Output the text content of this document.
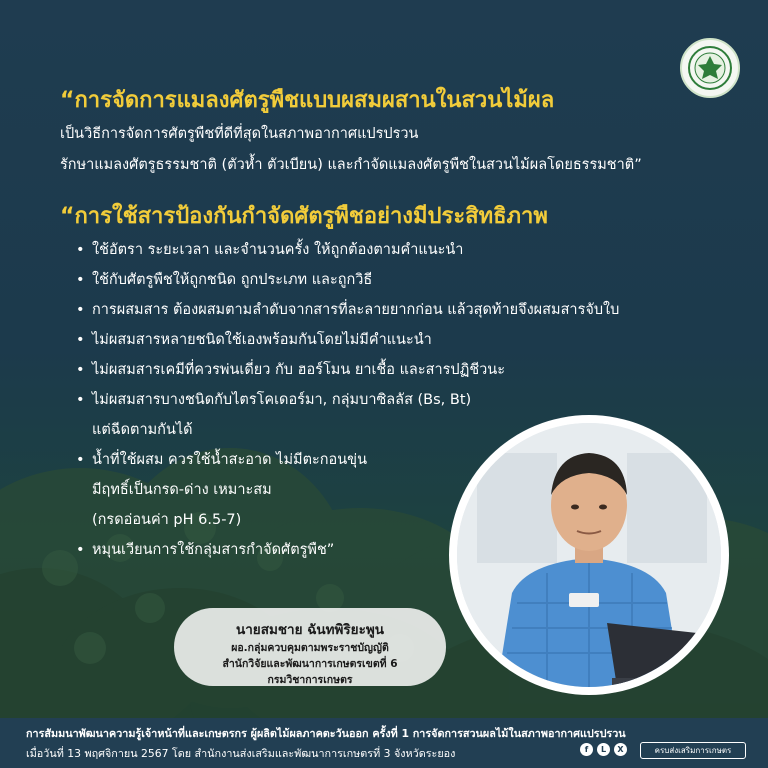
“การจัดการแมลงศัตรูพืชแบบผสมผสานในสวนไม้ผล
เป็นวิธีการจัดการศัตรูพืชที่ดีที่สุดในสภาพอากาศแปรปรวน
รักษาแมลงศัตรูธรรมชาติ (ตัวห้ำ ตัวเบียน) และกำจัดแมลงศัตรูพืชในสวนไม้ผลโดยธรรมชาติ”
“การใช้สารป้องกันกำจัดศัตรูพืชอย่างมีประสิทธิภาพ
• ใช้อัตรา ระยะเวลา และจำนวนครั้ง ให้ถูกต้องตามคำแนะนำ
• ใช้กับศัตรูพืชให้ถูกชนิด ถูกประเภท และถูกวิธี
• การผสมสาร ต้องผสมตามลำดับจากสารที่ละลายยากก่อน แล้วสุดท้ายจึงผสมสารจับใบ
• ไม่ผสมสารหลายชนิดใช้เองพร้อมกันโดยไม่มีคำแนะนำ
• ไม่ผสมสารเคมีที่ควรพ่นเดี่ยว กับ ฮอร์โมน ยาเชื้อ และสารปฏิชีวนะ
• ไม่ผสมสารบางชนิดกับไตรโคเดอร์มา, กลุ่มบาซิลลัส (Bs, Bt)
แต่ฉีดตามกันได้
• น้ำที่ใช้ผสม ควรใช้น้ำสะอาด ไม่มีตะกอนขุ่น
มีฤทธิ์เป็นกรด-ด่าง เหมาะสม
(กรดอ่อนค่า pH 6.5-7)
• หมุนเวียนการใช้กลุ่มสารกำจัดศัตรูพืช”
นายสมชาย ฉันทพิริยะพูน
ผอ.กลุ่มควบคุมตามพระราชบัญญัติ
สำนักวิจัยและพัฒนาการเกษตรเขตที่ 6
กรมวิชาการเกษตร
การสัมมนาพัฒนาความรู้เจ้าหน้าที่และเกษตรกร ผู้ผลิตไม้ผลภาคตะวันออก ครั้งที่ 1 การจัดการสวนผลไม้ในสภาพอากาศแปรปรวน
เมื่อวันที่ 13 พฤศจิกายน 2567 โดย สำนักงานส่งเสริมและพัฒนาการเกษตรที่ 3 จังหวัดระยอง	f	L	X	ครบส่งเสริมการเกษตร
